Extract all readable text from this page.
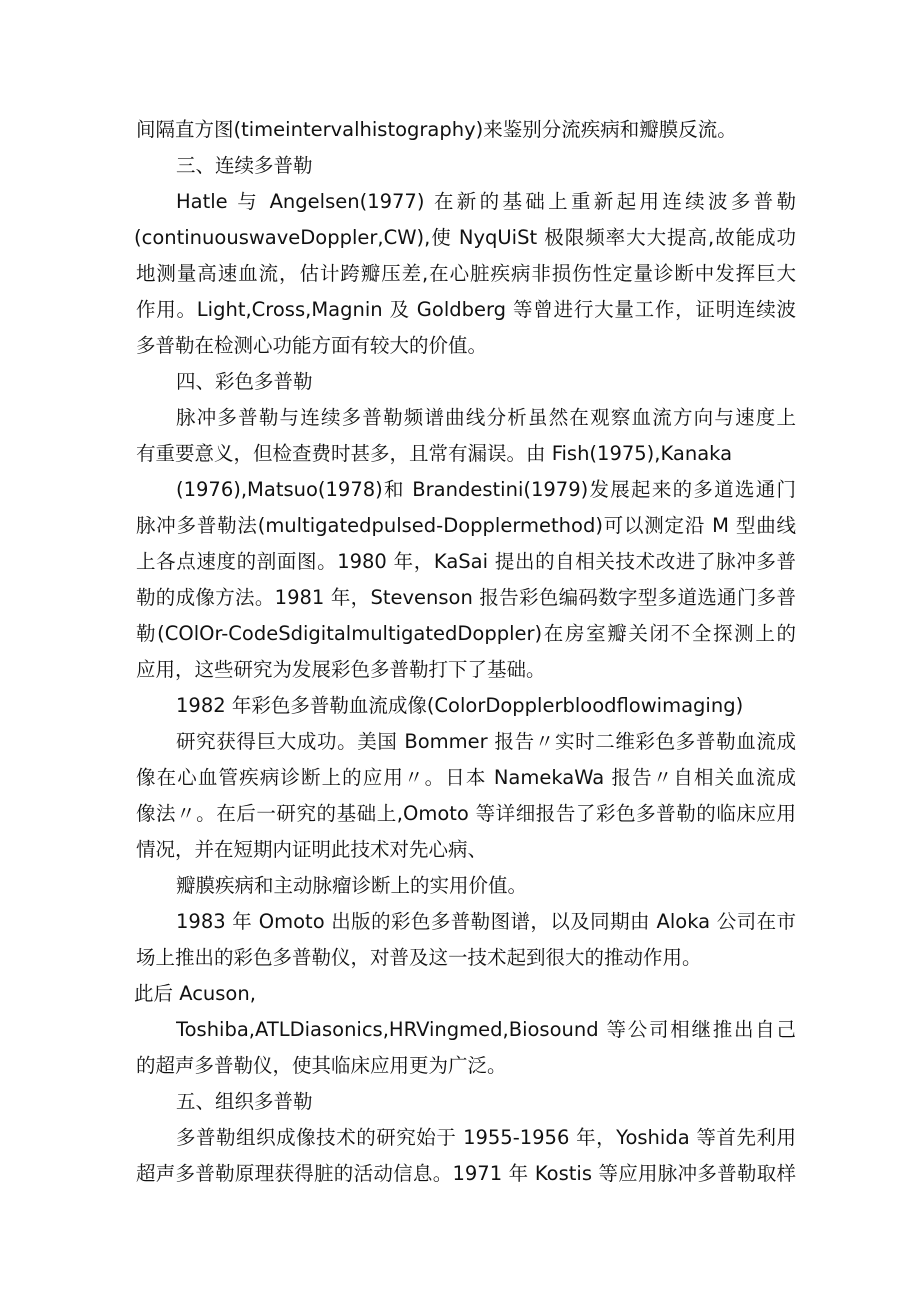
间隔直方图(timeintervalhistography)来鉴别分流疾病和瓣膜反流。
三、连续多普勒
Hatle 与 Angelsen(1977) 在新的基础上重新起用连续波多普勒
(continuouswaveDoppler,CW),使 NyqUiSt 极限频率大大提高,故能成功
地测量高速血流，估计跨瓣压差,在心脏疾病非损伤性定量诊断中发挥巨大
作用。Light,Cross,Magnin 及 Goldberg 等曾进行大量工作，证明连续波
多普勒在检测心功能方面有较大的价值。
四、彩色多普勒
脉冲多普勒与连续多普勒频谱曲线分析虽然在观察血流方向与速度上
有重要意义，但检查费时甚多，且常有漏误。由 Fish(1975),Kanaka
(1976),Matsuo(1978)和 Brandestini(1979)发展起来的多道选通门
脉冲多普勒法(multigatedpulsed-Dopplermethod)可以测定沿 M 型曲线
上各点速度的剖面图。1980 年，KaSai 提出的自相关技术改进了脉冲多普
勒的成像方法。1981 年，Stevenson 报告彩色编码数字型多道选通门多普
勒(COlOr-CodeSdigitalmultigatedDoppler)在房室瓣关闭不全探测上的
应用，这些研究为发展彩色多普勒打下了基础。
1982 年彩色多普勒血流成像(ColorDopplerbloodflowimaging)
研究获得巨大成功。美国 Bommer 报告〃实时二维彩色多普勒血流成
像在心血管疾病诊断上的应用〃。日本 NamekaWa 报告〃自相关血流成
像法〃。在后一研究的基础上,Omoto 等详细报告了彩色多普勒的临床应用
情况，并在短期内证明此技术对先心病、
瓣膜疾病和主动脉瘤诊断上的实用价值。
1983 年 Omoto 出版的彩色多普勒图谱，以及同期由 Aloka 公司在市
场上推出的彩色多普勒仪，对普及这一技术起到很大的推动作用。
此后 Acuson,
Toshiba,ATLDiasonics,HRVingmed,Biosound 等公司相继推出自己
的超声多普勒仪，使其临床应用更为广泛。
五、组织多普勒
多普勒组织成像技术的研究始于 1955-1956 年，Yoshida 等首先利用
超声多普勒原理获得脏的活动信息。1971 年 Kostis 等应用脉冲多普勒取样
